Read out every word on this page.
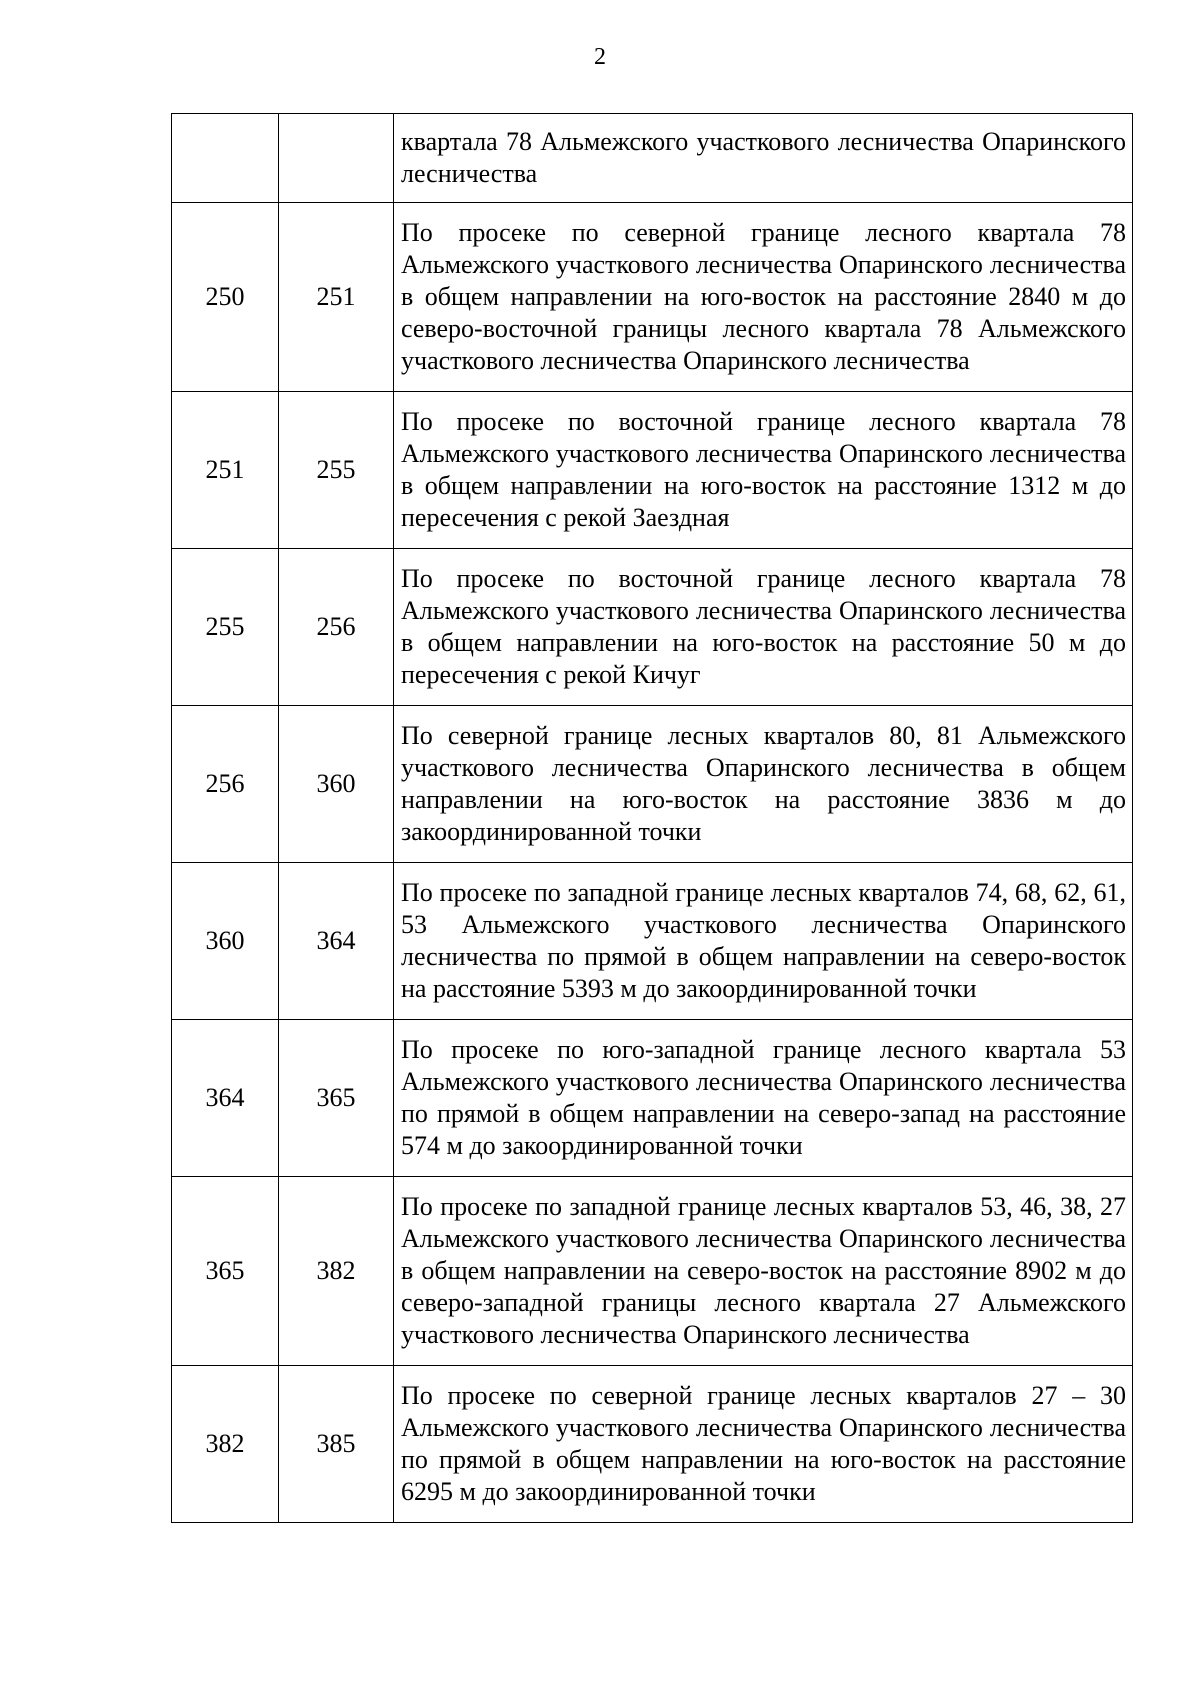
2
		квартала 78 Альмежского участкового лесничества Опаринского лесничества
250	251	По просеке по северной границе лесного квартала 78 Альмежского участкового лесничества Опаринского лесничества в общем направлении на юго-восток на расстояние 2840 м до северо-восточной границы лесного квартала 78 Альмежского участкового лесничества Опаринского лесничества
251	255	По просеке по восточной границе лесного квартала 78 Альмежского участкового лесничества Опаринского лесничества в общем направлении на юго-восток на расстояние 1312 м до пересечения с рекой Заездная
255	256	По просеке по восточной границе лесного квартала 78 Альмежского участкового лесничества Опаринского лесничества в общем направлении на юго-восток на расстояние 50 м до пересечения с рекой Кичуг
256	360	По северной границе лесных кварталов 80, 81 Альмежского участкового лесничества Опаринского лесничества в общем направлении на юго-восток на расстояние 3836 м до закоординированной точки
360	364	По просеке по западной границе лесных кварталов 74, 68, 62, 61, 53 Альмежского участкового лесничества Опаринского лесничества по прямой в общем направлении на северо-восток на расстояние 5393 м до закоординированной точки
364	365	По просеке по юго-западной границе лесного квартала 53 Альмежского участкового лесничества Опаринского лесничества по прямой в общем направлении на северо-запад на расстояние 574 м до закоординированной точки
365	382	По просеке по западной границе лесных кварталов 53, 46, 38, 27 Альмежского участкового лесничества Опаринского лесничества в общем направлении на северо-восток на расстояние 8902 м до северо-западной границы лесного квартала 27 Альмежского участкового лесничества Опаринского лесничества
382	385	По просеке по северной границе лесных кварталов 27 – 30 Альмежского участкового лесничества Опаринского лесничества по прямой в общем направлении на юго-восток на расстояние 6295 м до закоординированной точки
